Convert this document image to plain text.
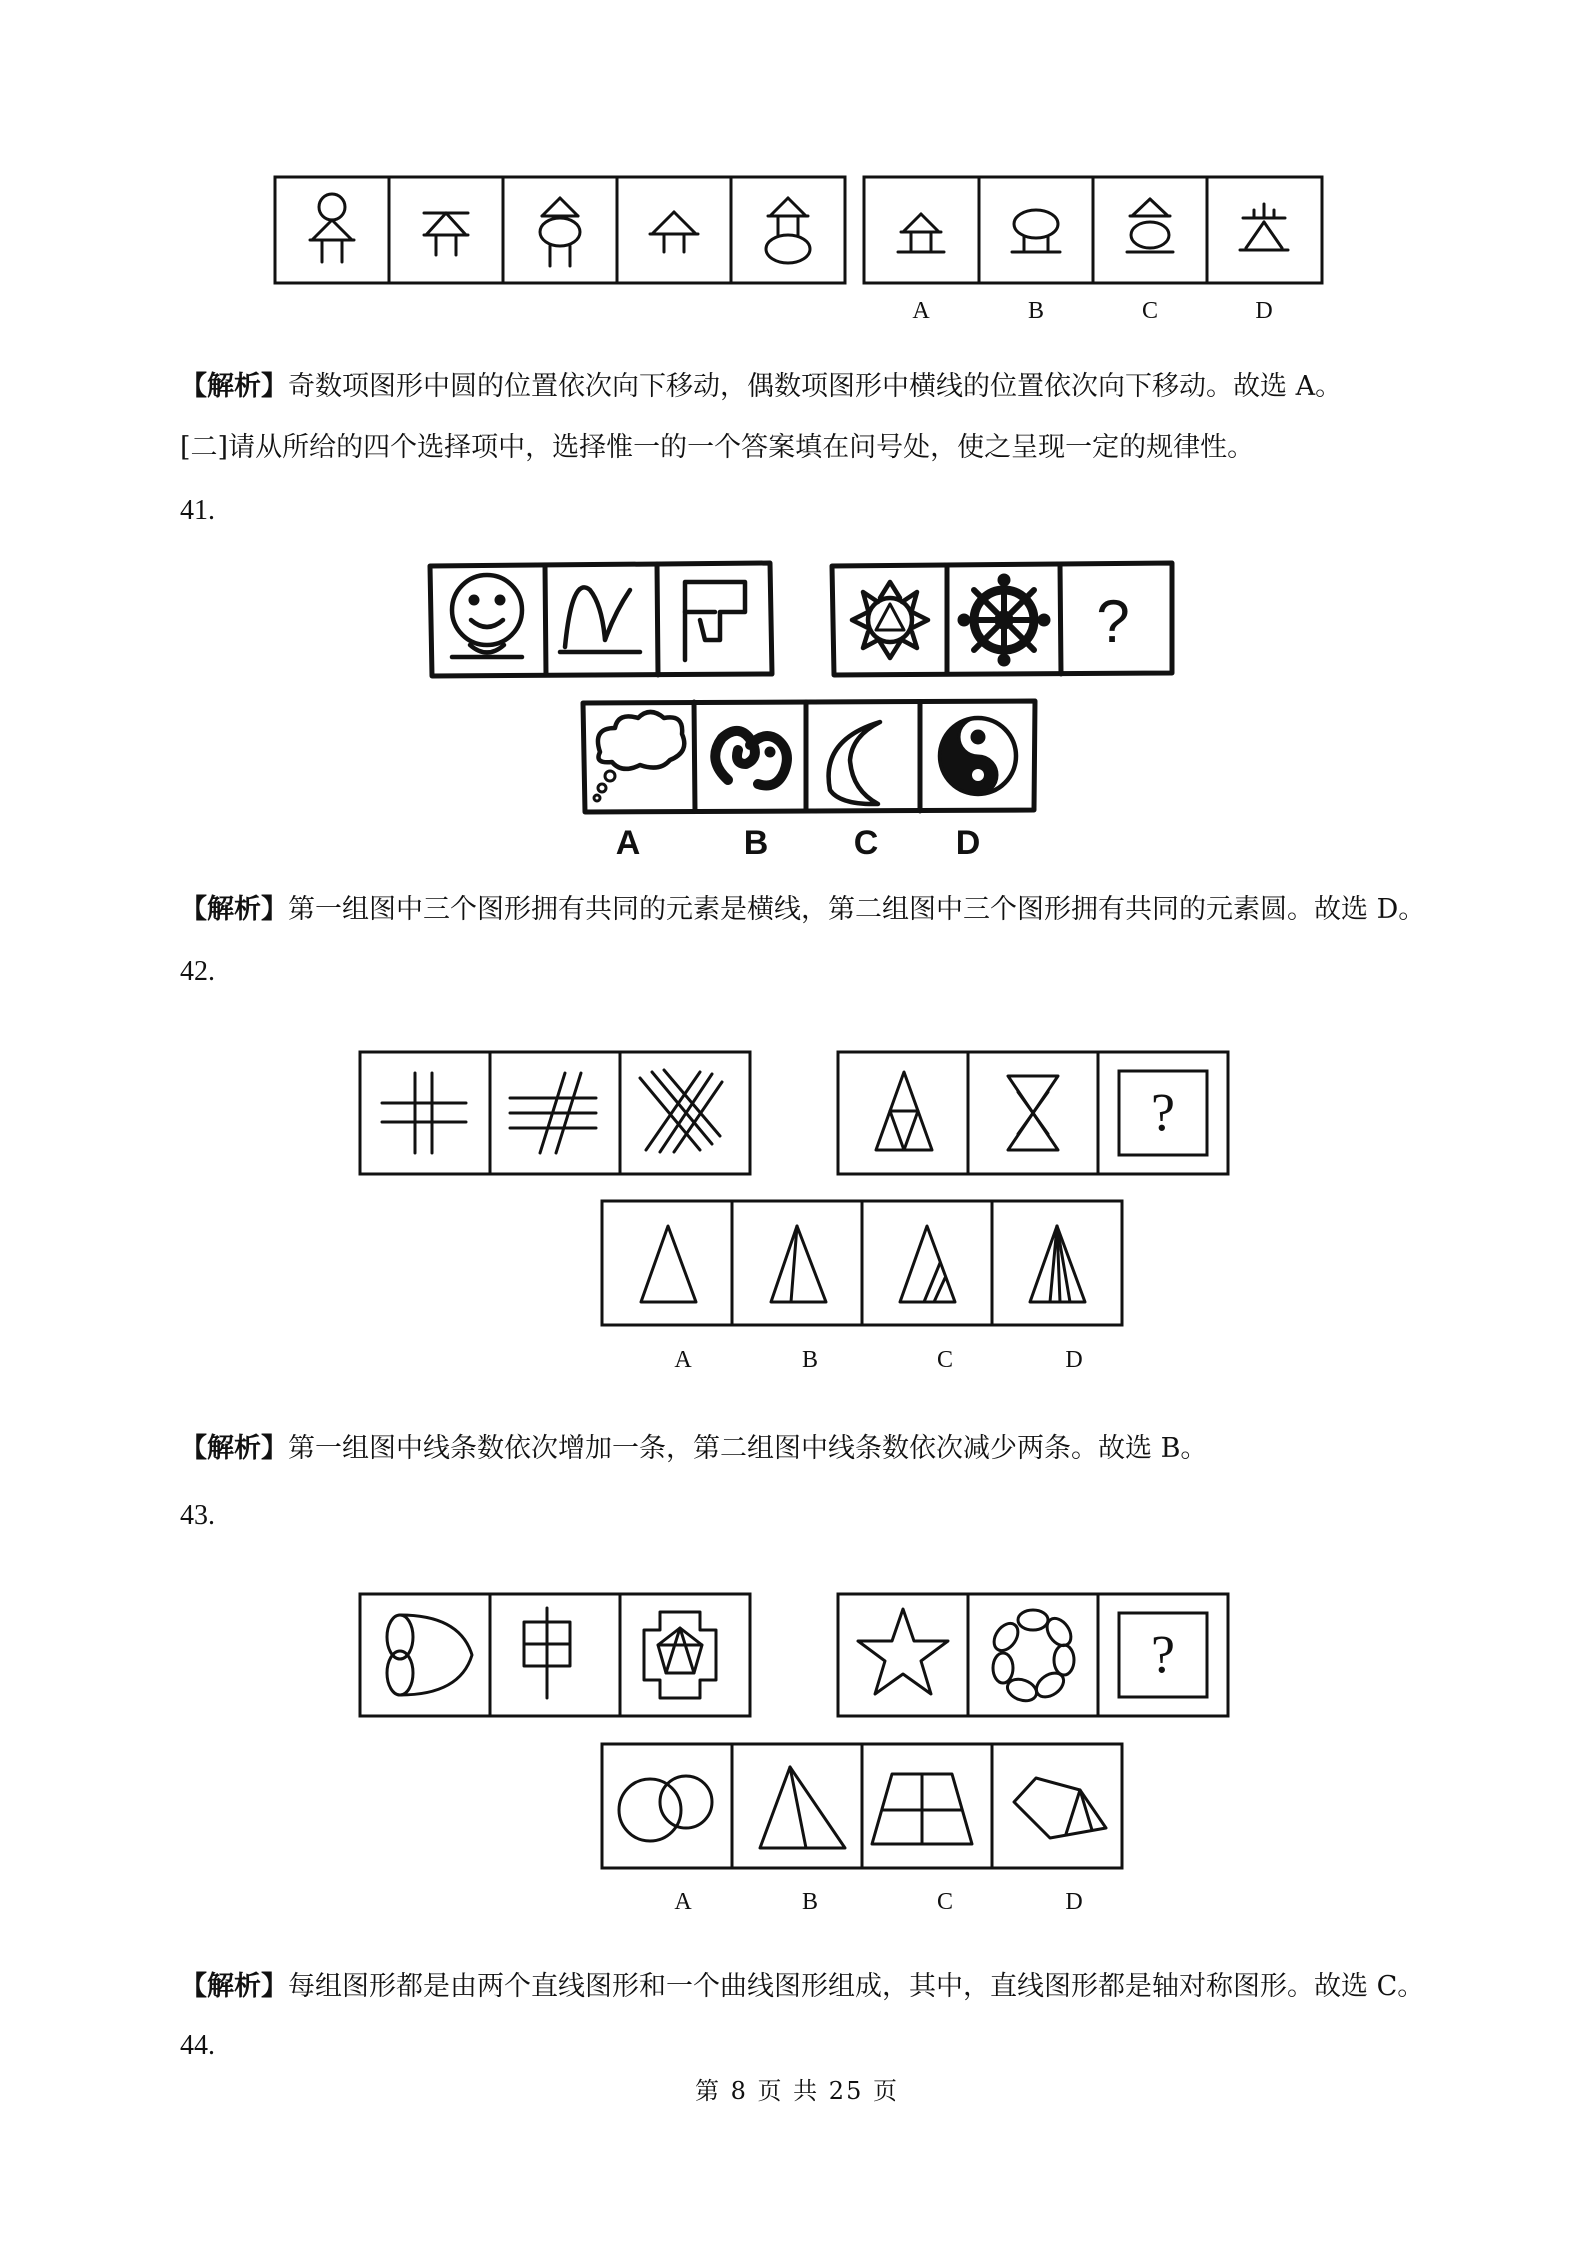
A	B	C	D
【解析】奇数项图形中圆的位置依次向下移动，偶数项图形中横线的位置依次向下移动。故选 A。
[二]请从所给的四个选择项中，选择惟一的一个答案填在问号处，使之呈现一定的规律性。
41.
?
A	B	C D
【解析】第一组图中三个图形拥有共同的元素是横线，第二组图中三个图形拥有共同的元素圆。故选 D。
42.
?
A	B	C	D
【解析】第一组图中线条数依次增加一条，第二组图中线条数依次减少两条。故选 B。
43.
?
A	B	C	D
【解析】每组图形都是由两个直线图形和一个曲线图形组成，其中，直线图形都是轴对称图形。故选 C。
44.
第 8 页 共 25 页
